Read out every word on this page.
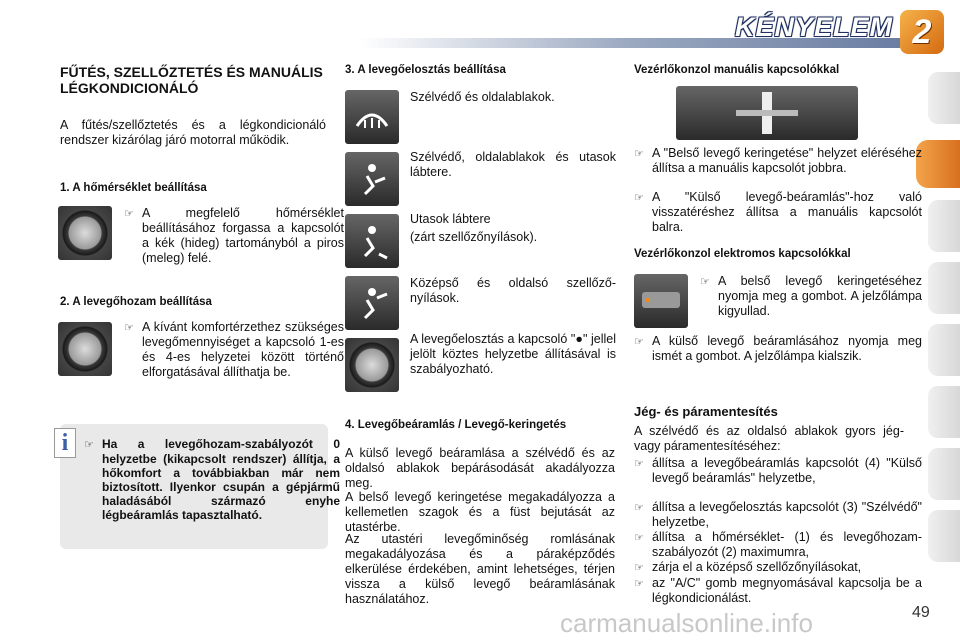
KÉNYELEM 2
FŰTÉS, SZELLŐZTETÉS ÉS MANUÁLIS LÉGKONDICIONÁLÓ
A fűtés/szellőztetés és a légkondicionáló rendszer kizárólag járó motorral működik.
1. A hőmérséklet beállítása
☞ A megfelelő hőmérséklet beállításához forgassa a kapcsolót a kék (hideg) tartományból a piros (meleg) felé.
2. A levegőhozam beállítása
☞ A kívánt komfortérzethez szükséges levegőmennyiséget a kapcsoló 1-es és 4-es helyzetei között történő elforgatásával állíthatja be.
i
☞	Ha a levegőhozam-szabályozót 0 helyzetbe (kikapcsolt rendszer) állítja, a hőkomfort a továbbiakban már nem biztosított. Ilyenkor csupán a gépjármű haladásából származó enyhe légbeáramlás tapasztalható.
3. A levegőelosztás beállítása
Szélvédő és oldalablakok.
Szélvédő, oldalablakok és utasok lábtere.
Utasok lábtere
(zárt szellőzőnyílások).
Középső és oldalsó szellőzőnyílások.
A levegőelosztás a kapcsoló "●" jellel jelölt köztes helyzetbe állításával is szabályozható.
4. Levegőbeáramlás / Levegő-keringetés
A külső levegő beáramlása a szélvédő és az oldalsó ablakok bepárásodását akadályozza meg.
A belső levegő keringetése megakadályozza a kellemetlen szagok és a füst bejutását az utastérbe.
Az utastéri levegőminőség romlásának megakadályozása és a páraképződés elkerülése érdekében, amint lehetséges, térjen vissza a külső levegő beáramlásának használatához.
Vezérlőkonzol manuális kapcsolókkal
☞ A "Belső levegő keringetése" helyzet eléréséhez állítsa a manuális kapcsolót jobbra.
☞ A "Külső levegő-beáramlás"-hoz való visszatéréshez állítsa a manuális kapcsolót balra.
Vezérlőkonzol elektromos kapcsolókkal
☞ A belső levegő keringetéséhez nyomja meg a gombot. A jelzőlámpa kigyullad.
☞ A külső levegő beáramlásához nyomja meg ismét a gombot. A jelzőlámpa kialszik.
Jég- és páramentesítés
A szélvédő és az oldalsó ablakok gyors jég- vagy páramentesítéséhez:
☞ állítsa a levegőbeáramlás kapcsolót (4) "Külső levegő beáramlás" helyzetbe,
☞ állítsa a levegőelosztás kapcsolót (3) "Szélvédő" helyzetbe,
☞ állítsa a hőmérséklet- (1) és levegőhozam-szabályozót (2) maximumra,
☞ zárja el a középső szellőzőnyílásokat,
☞ az "A/C" gomb megnyomásával kapcsolja be a légkondicionálást.
carmanualsonline.info	49
